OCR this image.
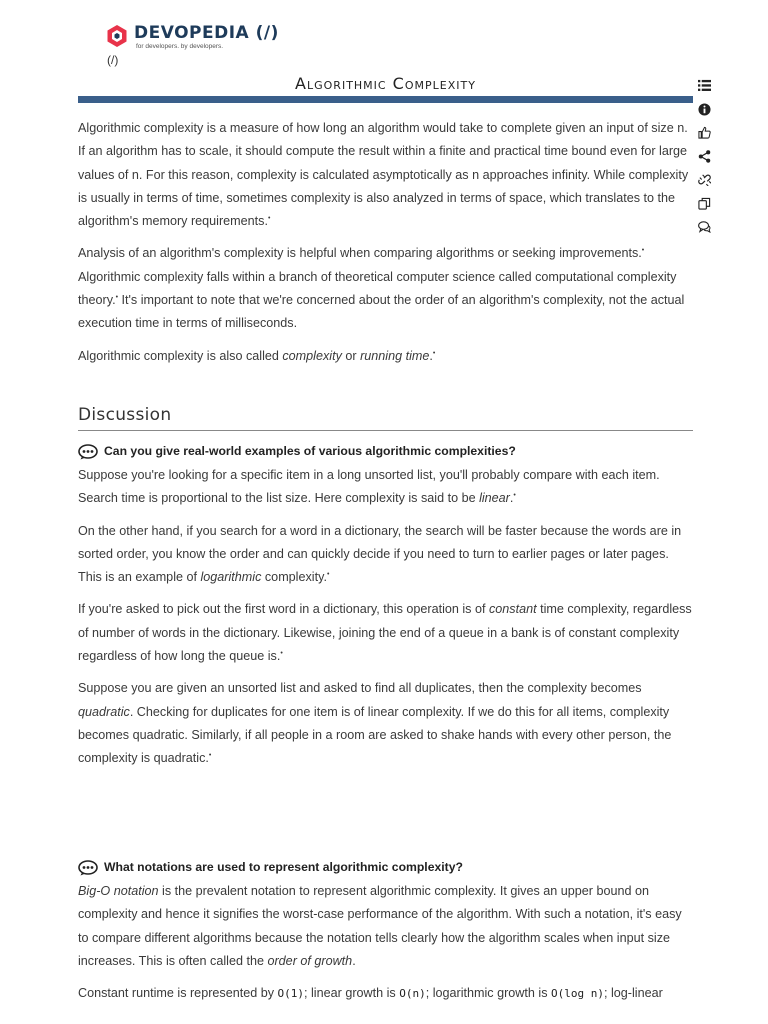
DEVOPEDIA (/)
for developers. by developers.
(/)
Algorithmic Complexity

Algorithmic complexity is a measure of how long an algorithm would take to complete given an input of size n. If an algorithm has to scale, it should compute the result within a finite and practical time bound even for large values of n. For this reason, complexity is calculated asymptotically as n approaches infinity. While complexity is usually in terms of time, sometimes complexity is also analyzed in terms of space, which translates to the algorithm's memory requirements.•

Analysis of an algorithm's complexity is helpful when comparing algorithms or seeking improvements.• Algorithmic complexity falls within a branch of theoretical computer science called computational complexity theory.• It's important to note that we're concerned about the order of an algorithm's complexity, not the actual execution time in terms of milliseconds.

Algorithmic complexity is also called complexity or running time.•

Discussion
Can you give real-world examples of various algorithmic complexities?

Suppose you're looking for a specific item in a long unsorted list, you'll probably compare with each item. Search time is proportional to the list size. Here complexity is said to be linear.•

On the other hand, if you search for a word in a dictionary, the search will be faster because the words are in sorted order, you know the order and can quickly decide if you need to turn to earlier pages or later pages. This is an example of logarithmic complexity.•

If you're asked to pick out the first word in a dictionary, this operation is of constant time complexity, regardless of number of words in the dictionary. Likewise, joining the end of a queue in a bank is of constant complexity regardless of how long the queue is.•

Suppose you are given an unsorted list and asked to find all duplicates, then the complexity becomes quadratic. Checking for duplicates for one item is of linear complexity. If we do this for all items, complexity becomes quadratic. Similarly, if all people in a room are asked to shake hands with every other person, the complexity is quadratic.•

What notations are used to represent algorithmic complexity?

Big-O notation is the prevalent notation to represent algorithmic complexity. It gives an upper bound on complexity and hence it signifies the worst-case performance of the algorithm. With such a notation, it's easy to compare different algorithms because the notation tells clearly how the algorithm scales when input size increases. This is often called the order of growth.

Constant runtime is represented by O(1); linear growth is O(n); logarithmic growth is O(log n); log-linear
